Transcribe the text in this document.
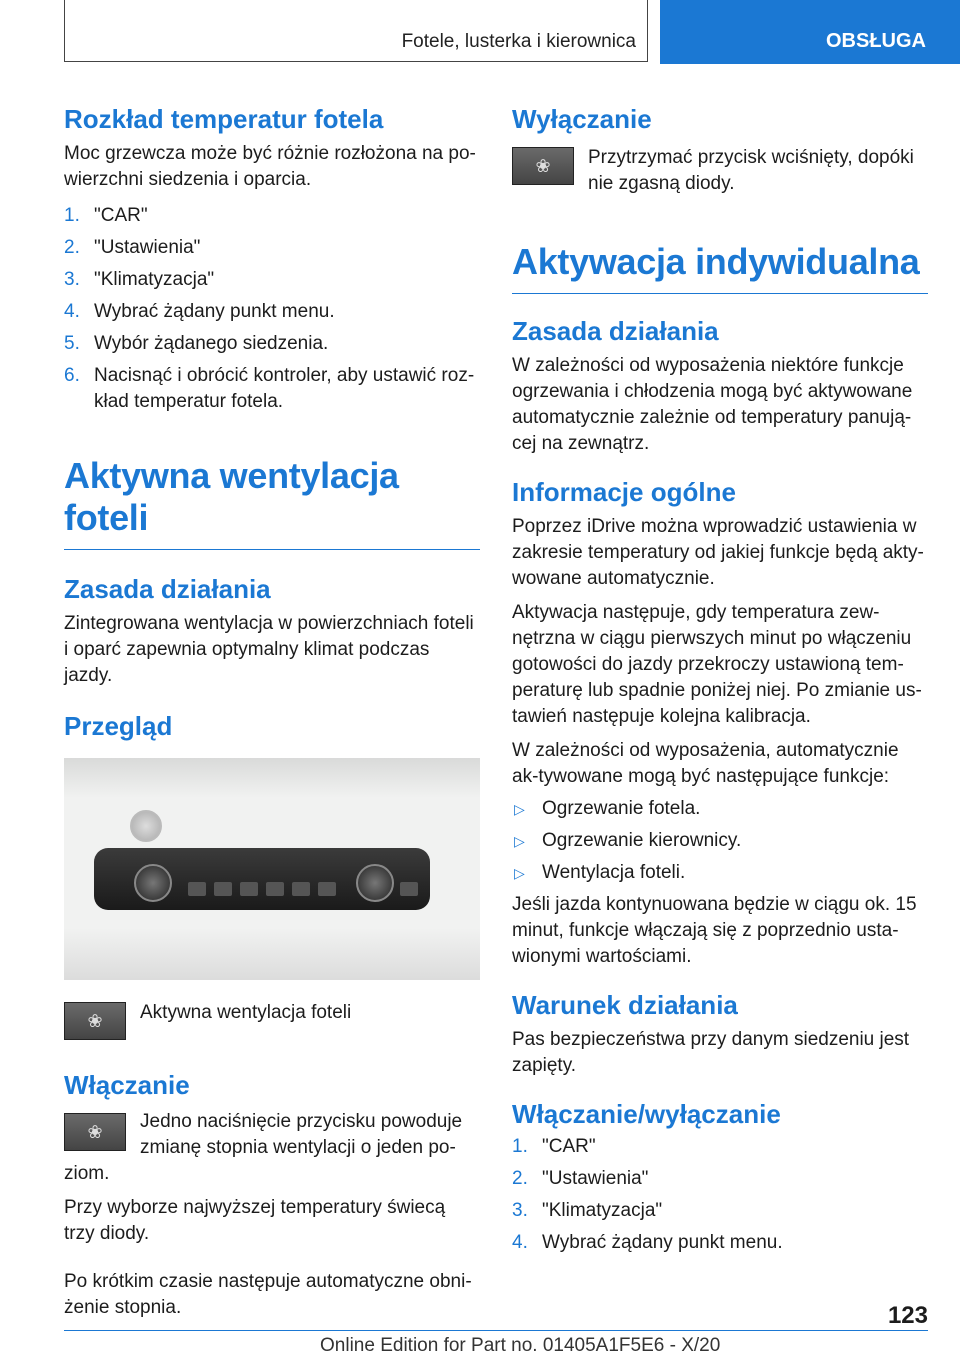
Fotele, lusterka i kierownica	OBSŁUGA
Rozkład temperatur fotela

Moc grzewcza może być różnie rozłożona na po-wierzchni siedzenia i oparcia.

1. "CAR"
2. "Ustawienia"
3. "Klimatyzacja"
4. Wybrać żądany punkt menu.
5. Wybór żądanego siedzenia.
6. Nacisnąć i obrócić kontroler, aby ustawić roz-kład temperatur fotela.
Aktywna wentylacja foteli
Zasada działania

Zintegrowana wentylacja w powierzchniach foteli i oparć zapewnia optymalny klimat podczas jazdy.

Przegląd
❀	Aktywna wentylacja foteli

Włączanie
❀	Jedno naciśnięcie przycisku powoduje zmianę stopnia wentylacji o jeden po-ziom.

Przy wyborze najwyższej temperatury świecą trzy diody.

Po krótkim czasie następuje automatyczne obni-żenie stopnia.

Wyłączanie
❀	Przytrzymać przycisk wciśnięty, dopóki nie zgasną diody.

Aktywacja indywidualna
Zasada działania

W zależności od wyposażenia niektóre funkcje ogrzewania i chłodzenia mogą być aktywowane automatycznie zależnie od temperatury panują-cej na zewnątrz.

Informacje ogólne

Poprzez iDrive można wprowadzić ustawienia w zakresie temperatury od jakiej funkcje będą akty-wowane automatycznie.

Aktywacja następuje, gdy temperatura zew-nętrzna w ciągu pierwszych minut po włączeniu gotowości do jazdy przekroczy ustawioną tem-peraturę lub spadnie poniżej niej. Po zmianie us-tawień następuje kolejna kalibracja.

W zależności od wyposażenia, automatycznie ak-tywowane mogą być następujące funkcje:

▷ Ogrzewanie fotela.
▷ Ogrzewanie kierownicy.
▷ Wentylacja foteli.

Jeśli jazda kontynuowana będzie w ciągu ok. 15 minut, funkcje włączają się z poprzednio usta-wionymi wartościami.

Warunek działania

Pas bezpieczeństwa przy danym siedzeniu jest zapięty.

Włączanie/wyłączanie
1. "CAR"
2. "Ustawienia"
3. "Klimatyzacja"
4. Wybrać żądany punkt menu.
123
Online Edition for Part no. 01405A1F5E6 - X/20
